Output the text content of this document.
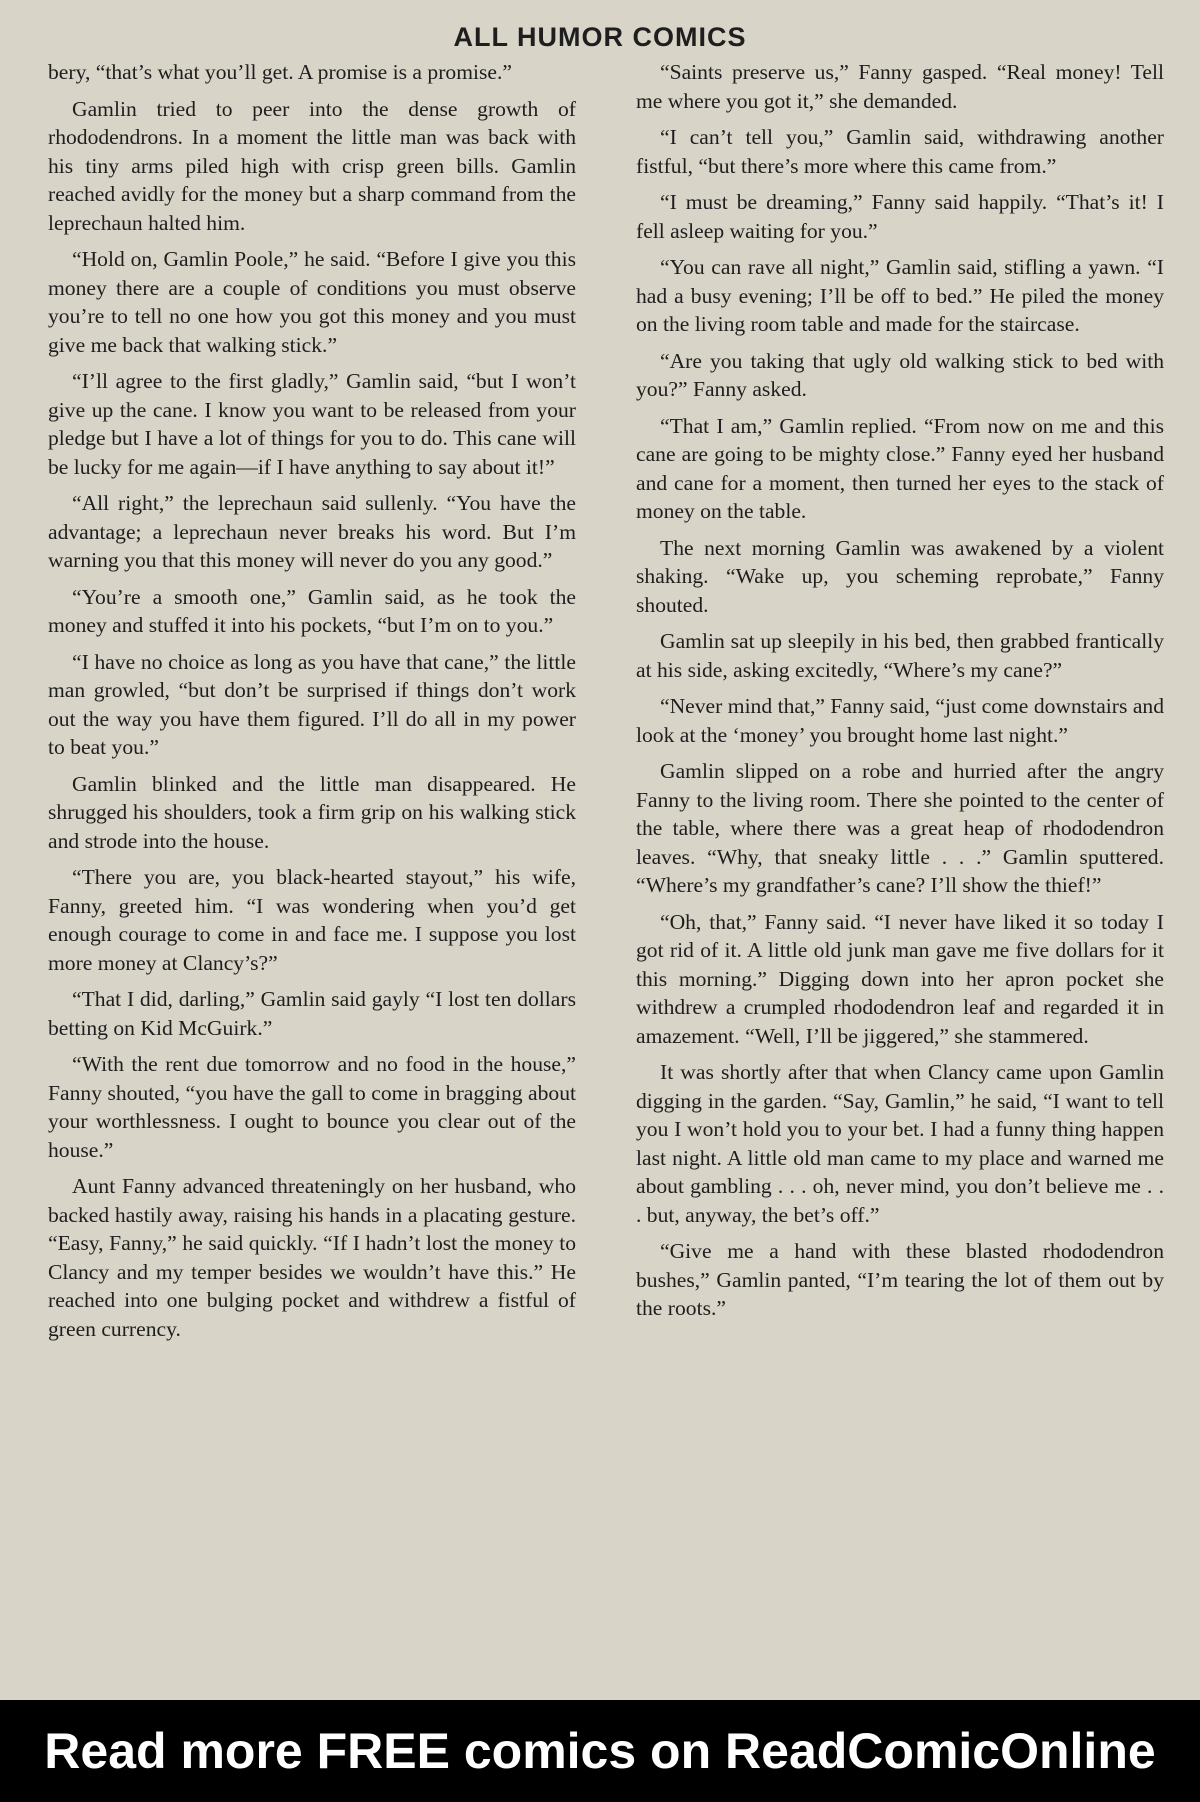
ALL HUMOR COMICS

bery, “that’s what you’ll get. A promise is a promise.”

Gamlin tried to peer into the dense growth of rhododendrons. In a moment the little man was back with his tiny arms piled high with crisp green bills. Gamlin reached avidly for the money but a sharp command from the leprechaun halted him.

“Hold on, Gamlin Poole,” he said. “Before I give you this money there are a couple of conditions you must observe you’re to tell no one how you got this money and you must give me back that walking stick.”

“I’ll agree to the first gladly,” Gamlin said, “but I won’t give up the cane. I know you want to be released from your pledge but I have a lot of things for you to do. This cane will be lucky for me again—if I have anything to say about it!”

“All right,” the leprechaun said sullenly. “You have the advantage; a leprechaun never breaks his word. But I’m warning you that this money will never do you any good.”

“You’re a smooth one,” Gamlin said, as he took the money and stuffed it into his pockets, “but I’m on to you.”

“I have no choice as long as you have that cane,” the little man growled, “but don’t be surprised if things don’t work out the way you have them figured. I’ll do all in my power to beat you.”

Gamlin blinked and the little man disappeared. He shrugged his shoulders, took a firm grip on his walking stick and strode into the house.

“There you are, you black-hearted stayout,” his wife, Fanny, greeted him. “I was wondering when you’d get enough courage to come in and face me. I suppose you lost more money at Clancy’s?”

“That I did, darling,” Gamlin said gayly “I lost ten dollars betting on Kid McGuirk.”

“With the rent due tomorrow and no food in the house,” Fanny shouted, “you have the gall to come in bragging about your worthlessness. I ought to bounce you clear out of the house.”

Aunt Fanny advanced threateningly on her husband, who backed hastily away, raising his hands in a placating gesture. “Easy, Fanny,” he said quickly. “If I hadn’t lost the money to Clancy and my temper besides we wouldn’t have this.” He reached into one bulging pocket and withdrew a fistful of green currency.

“Saints preserve us,” Fanny gasped. “Real money! Tell me where you got it,” she demanded.

“I can’t tell you,” Gamlin said, withdrawing another fistful, “but there’s more where this came from.”

“I must be dreaming,” Fanny said happily. “That’s it! I fell asleep waiting for you.”

“You can rave all night,” Gamlin said, stifling a yawn. “I had a busy evening; I’ll be off to bed.” He piled the money on the living room table and made for the staircase.

“Are you taking that ugly old walking stick to bed with you?” Fanny asked.

“That I am,” Gamlin replied. “From now on me and this cane are going to be mighty close.” Fanny eyed her husband and cane for a moment, then turned her eyes to the stack of money on the table.

The next morning Gamlin was awakened by a violent shaking. “Wake up, you scheming reprobate,” Fanny shouted.

Gamlin sat up sleepily in his bed, then grabbed frantically at his side, asking excitedly, “Where’s my cane?”

“Never mind that,” Fanny said, “just come downstairs and look at the ‘money’ you brought home last night.”

Gamlin slipped on a robe and hurried after the angry Fanny to the living room. There she pointed to the center of the table, where there was a great heap of rhododendron leaves. “Why, that sneaky little . . .” Gamlin sputtered. “Where’s my grandfather’s cane? I’ll show the thief!”

“Oh, that,” Fanny said. “I never have liked it so today I got rid of it. A little old junk man gave me five dollars for it this morning.” Digging down into her apron pocket she withdrew a crumpled rhododendron leaf and regarded it in amazement. “Well, I’ll be jiggered,” she stammered.

It was shortly after that when Clancy came upon Gamlin digging in the garden. “Say, Gamlin,” he said, “I want to tell you I won’t hold you to your bet. I had a funny thing happen last night. A little old man came to my place and warned me about gambling . . . oh, never mind, you don’t believe me . . . but, anyway, the bet’s off.”

“Give me a hand with these blasted rhododendron bushes,” Gamlin panted, “I’m tearing the lot of them out by the roots.”

Read more FREE comics on ReadComicOnline
